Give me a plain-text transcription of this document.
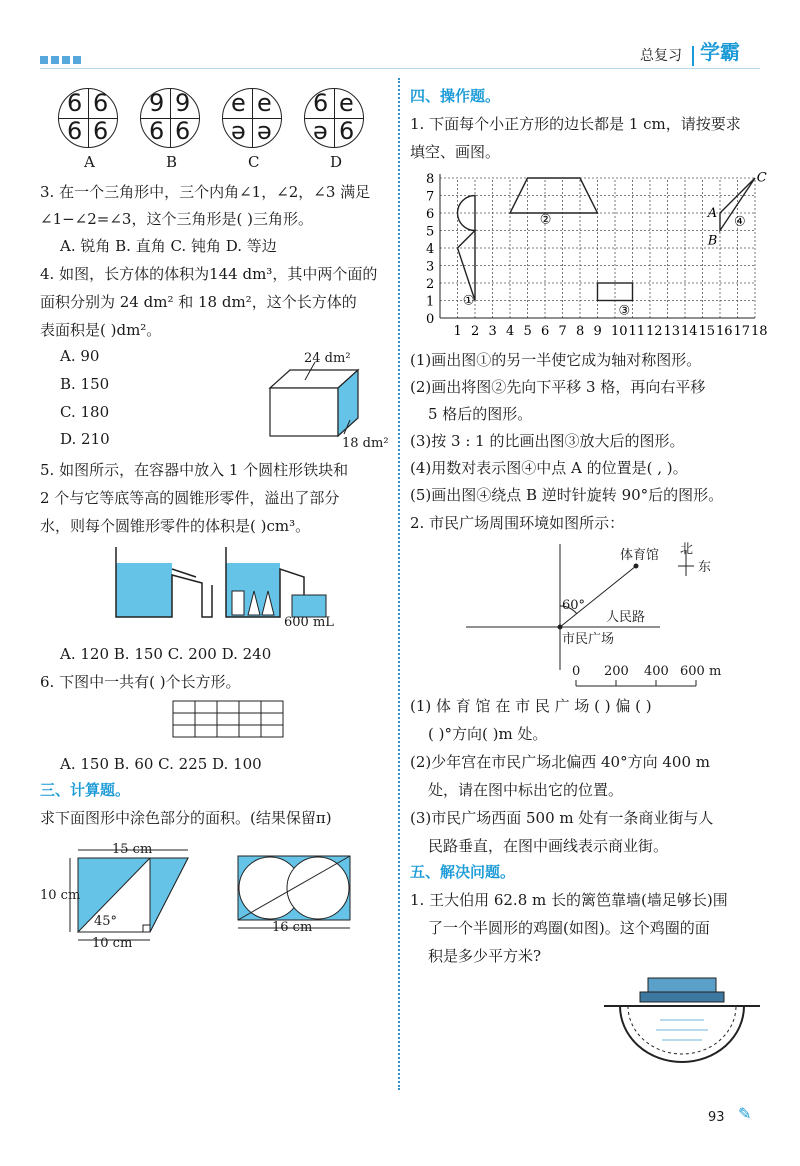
总复习 学霸
6 6
6 6
9 9
6 6
e e
ə ə
6 e
ə 6
A	B	C	D
3. 在一个三角形中，三个内角∠1，∠2，∠3 满足
∠1−∠2=∠3，这个三角形是( )三角形。
A. 锐角 B. 直角 C. 钝角 D. 等边
4. 如图，长方体的体积为144 dm³，其中两个面的
面积分别为 24 dm² 和 18 dm²，这个长方体的
表面积是( )dm²。
A. 90
B. 150
C. 180
D. 210
24 dm²
18 dm²
5. 如图所示，在容器中放入 1 个圆柱形铁块和
2 个与它等底等高的圆锥形零件，溢出了部分
水，则每个圆锥形零件的体积是( )cm³。
600 mL
A. 120 B. 150 C. 200 D. 240
6. 下图中一共有( )个长方形。
A. 150 B. 60 C. 225 D. 100
三、计算题。
求下面图形中涂色部分的面积。(结果保留π)
15 cm
10 cm
45°
10 cm
16 cm
四、操作题。
1. 下面每个小正方形的边长都是 1 cm，请按要求
填空、画图。
8
7
6
5
4
3
2
1
0
1 2 3 4 5 6 7 8 9 10 11 12 13 14 15 16 17 18
①
②
③
④
A
B
C
(1)画出图①的另一半使它成为轴对称图形。
(2)画出将图②先向下平移 3 格，再向右平移
5 格后的图形。
(3)按 3 : 1 的比画出图③放大后的图形。
(4)用数对表示图④中点 A 的位置是( , )。
(5)画出图④绕点 B 逆时针旋转 90°后的图形。
2. 市民广场周围环境如图所示：
体育馆 北
东
60°
人民路
市民广场
0 200 400 600 m
(1) 体 育 馆 在 市 民 广 场 ( ) 偏 ( )
( )°方向( )m 处。
(2)少年宫在市民广场北偏西 40°方向 400 m
处，请在图中标出它的位置。
(3)市民广场西面 500 m 处有一条商业街与人
民路垂直，在图中画线表示商业街。
五、解决问题。
1. 王大伯用 62.8 m 长的篱笆靠墙(墙足够长)围
了一个半圆形的鸡圈(如图)。这个鸡圈的面
积是多少平方米?
93 ✎
